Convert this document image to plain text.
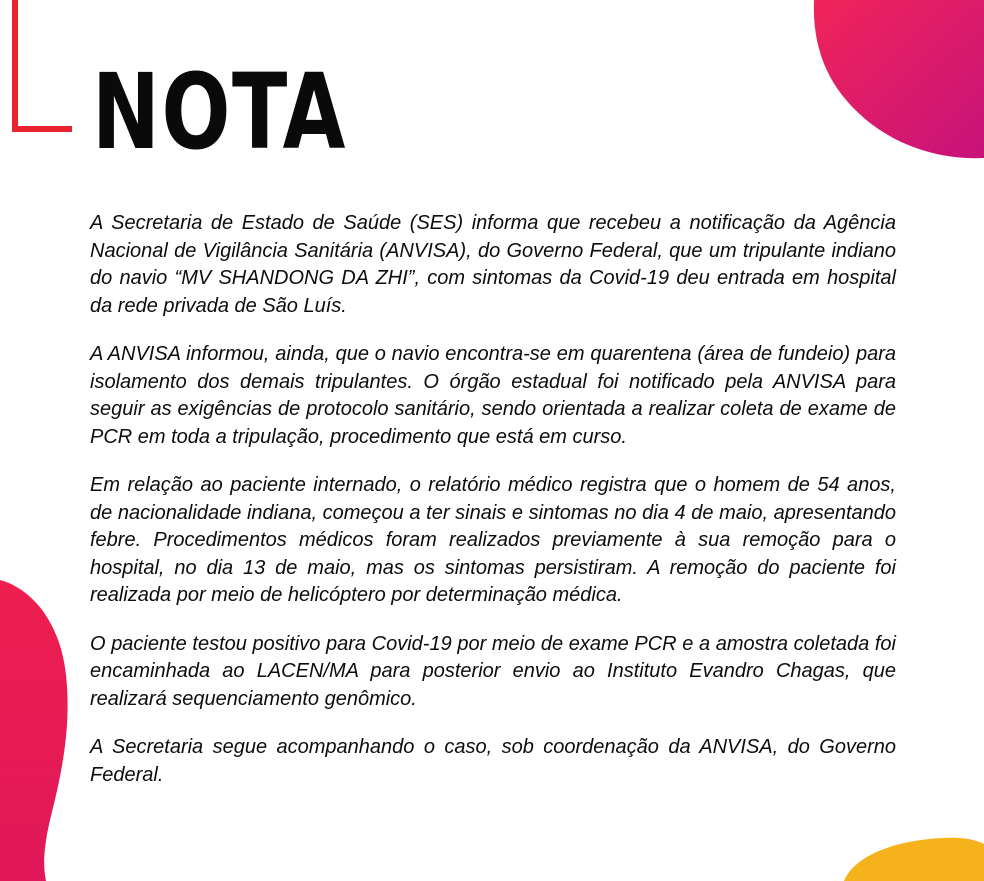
NOTA

A Secretaria de Estado de Saúde (SES) informa que recebeu a notificação da Agência Nacional de Vigilância Sanitária (ANVISA), do Governo Federal, que um tripulante indiano do navio “MV SHANDONG DA ZHI”, com sintomas da Covid-19 deu entrada em hospital da rede privada de São Luís.

A ANVISA informou, ainda, que o navio encontra-se em quarentena (área de fundeio) para isolamento dos demais tripulantes. O órgão estadual foi notificado pela ANVISA para seguir as exigências de protocolo sanitário, sendo orientada a realizar coleta de exame de PCR em toda a tripulação, procedimento que está em curso.

Em relação ao paciente internado, o relatório médico registra que o homem de 54 anos, de nacionalidade indiana, começou a ter sinais e sintomas no dia 4 de maio, apresentando febre. Procedimentos médicos foram realizados previamente à sua remoção para o hospital, no dia 13 de maio, mas os sintomas persistiram. A remoção do paciente foi realizada por meio de helicóptero por determinação médica.

O paciente testou positivo para Covid-19 por meio de exame PCR e a amostra coletada foi encaminhada ao LACEN/MA para posterior envio ao Instituto Evandro Chagas, que realizará sequenciamento genômico.

A Secretaria segue acompanhando o caso, sob coordenação da ANVISA, do Governo Federal.
